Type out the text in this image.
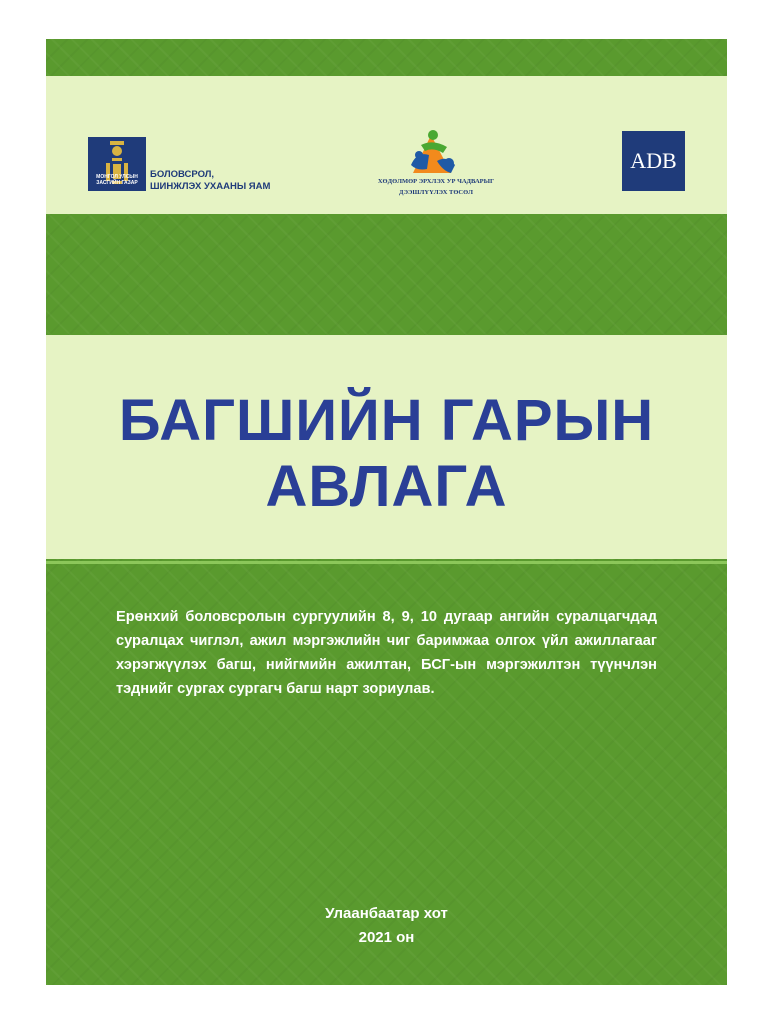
МОНГОЛ УЛСЫН ЗАСГИЙН ГАЗАР
БОЛОВСРОЛ,
ШИНЖЛЭХ УХААНЫ ЯАМ	ХӨДӨЛМӨР ЭРХЛЭХ УР ЧАДВАРЫГ
ДЭЭШЛҮҮЛЭХ ТӨСӨЛ
ADB
БАГШИЙН ГАРЫН
АВЛАГА
Ерөнхий боловсролын сургуулийн 8, 9, 10 дугаар ангийн суралцагчдад суралцах чиглэл, ажил мэргэжлийн чиг баримжаа олгох үйл ажиллагааг хэрэгжүүлэх багш, нийгмийн ажилтан, БСГ-ын мэргэжилтэн түүнчлэн тэднийг сургах сургагч багш нарт зориулав.
Улаанбаатар хот
2021 он
